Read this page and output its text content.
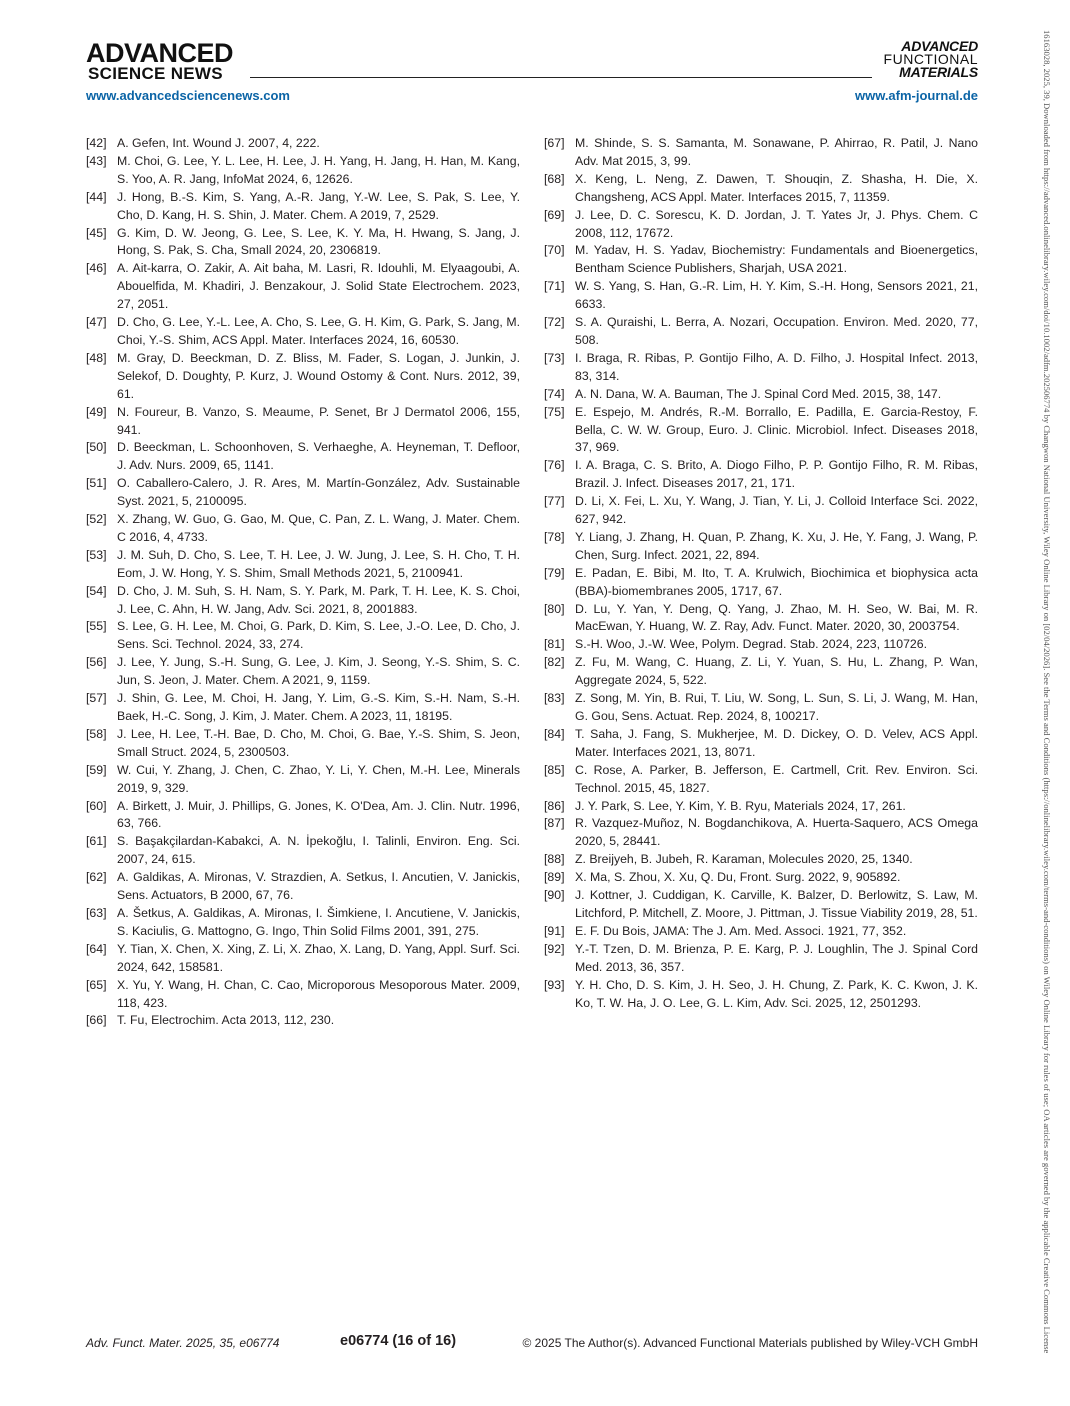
ADVANCED
SCIENCE NEWS
ADVANCED
FUNCTIONAL
MATERIALS
www.advancedsciencenews.com	www.afm-journal.de
[42] A. Gefen, Int. Wound J. 2007, 4, 222.
[43] M. Choi, G. Lee, Y. L. Lee, H. Lee, J. H. Yang, H. Jang, H. Han, M. Kang, S. Yoo, A. R. Jang, InfoMat 2024, 6, 12626.
[44] J. Hong, B.-S. Kim, S. Yang, A.-R. Jang, Y.-W. Lee, S. Pak, S. Lee, Y. Cho, D. Kang, H. S. Shin, J. Mater. Chem. A 2019, 7, 2529.
[45] G. Kim, D. W. Jeong, G. Lee, S. Lee, K. Y. Ma, H. Hwang, S. Jang, J. Hong, S. Pak, S. Cha, Small 2024, 20, 2306819.
[46] A. Ait-karra, O. Zakir, A. Ait baha, M. Lasri, R. Idouhli, M. Elyaagoubi, A. Abouelfida, M. Khadiri, J. Benzakour, J. Solid State Electrochem. 2023, 27, 2051.
[47] D. Cho, G. Lee, Y.-L. Lee, A. Cho, S. Lee, G. H. Kim, G. Park, S. Jang, M. Choi, Y.-S. Shim, ACS Appl. Mater. Interfaces 2024, 16, 60530.
[48] M. Gray, D. Beeckman, D. Z. Bliss, M. Fader, S. Logan, J. Junkin, J. Selekof, D. Doughty, P. Kurz, J. Wound Ostomy & Cont. Nurs. 2012, 39, 61.
[49] N. Foureur, B. Vanzo, S. Meaume, P. Senet, Br J Dermatol 2006, 155, 941.
[50] D. Beeckman, L. Schoonhoven, S. Verhaeghe, A. Heyneman, T. Defloor, J. Adv. Nurs. 2009, 65, 1141.
[51] O. Caballero-Calero, J. R. Ares, M. Martín-González, Adv. Sustainable Syst. 2021, 5, 2100095.
[52] X. Zhang, W. Guo, G. Gao, M. Que, C. Pan, Z. L. Wang, J. Mater. Chem. C 2016, 4, 4733.
[53] J. M. Suh, D. Cho, S. Lee, T. H. Lee, J. W. Jung, J. Lee, S. H. Cho, T. H. Eom, J. W. Hong, Y. S. Shim, Small Methods 2021, 5, 2100941.
[54] D. Cho, J. M. Suh, S. H. Nam, S. Y. Park, M. Park, T. H. Lee, K. S. Choi, J. Lee, C. Ahn, H. W. Jang, Adv. Sci. 2021, 8, 2001883.
[55] S. Lee, G. H. Lee, M. Choi, G. Park, D. Kim, S. Lee, J.-O. Lee, D. Cho, J. Sens. Sci. Technol. 2024, 33, 274.
[56] J. Lee, Y. Jung, S.-H. Sung, G. Lee, J. Kim, J. Seong, Y.-S. Shim, S. C. Jun, S. Jeon, J. Mater. Chem. A 2021, 9, 1159.
[57] J. Shin, G. Lee, M. Choi, H. Jang, Y. Lim, G.-S. Kim, S.-H. Nam, S.-H. Baek, H.-C. Song, J. Kim, J. Mater. Chem. A 2023, 11, 18195.
[58] J. Lee, H. Lee, T.-H. Bae, D. Cho, M. Choi, G. Bae, Y.-S. Shim, S. Jeon, Small Struct. 2024, 5, 2300503.
[59] W. Cui, Y. Zhang, J. Chen, C. Zhao, Y. Li, Y. Chen, M.-H. Lee, Minerals 2019, 9, 329.
[60] A. Birkett, J. Muir, J. Phillips, G. Jones, K. O'Dea, Am. J. Clin. Nutr. 1996, 63, 766.
[61] S. Başakçilardan-Kabakci, A. N. İpekoğlu, I. Talinli, Environ. Eng. Sci. 2007, 24, 615.
[62] A. Galdikas, A. Mironas, V. Strazdien, A. Setkus, I. Ancutien, V. Janickis, Sens. Actuators, B 2000, 67, 76.
[63] A. Šetkus, A. Galdikas, A. Mironas, I. Šimkiene, I. Ancutiene, V. Janickis, S. Kaciulis, G. Mattogno, G. Ingo, Thin Solid Films 2001, 391, 275.
[64] Y. Tian, X. Chen, X. Xing, Z. Li, X. Zhao, X. Lang, D. Yang, Appl. Surf. Sci. 2024, 642, 158581.
[65] X. Yu, Y. Wang, H. Chan, C. Cao, Microporous Mesoporous Mater. 2009, 118, 423.
[66] T. Fu, Electrochim. Acta 2013, 112, 230.
[67] M. Shinde, S. S. Samanta, M. Sonawane, P. Ahirrao, R. Patil, J. Nano Adv. Mat 2015, 3, 99.
[68] X. Keng, L. Neng, Z. Dawen, T. Shouqin, Z. Shasha, H. Die, X. Changsheng, ACS Appl. Mater. Interfaces 2015, 7, 11359.
[69] J. Lee, D. C. Sorescu, K. D. Jordan, J. T. Yates Jr, J. Phys. Chem. C 2008, 112, 17672.
[70] M. Yadav, H. S. Yadav, Biochemistry: Fundamentals and Bioenergetics, Bentham Science Publishers, Sharjah, USA 2021.
[71] W. S. Yang, S. Han, G.-R. Lim, H. Y. Kim, S.-H. Hong, Sensors 2021, 21, 6633.
[72] S. A. Quraishi, L. Berra, A. Nozari, Occupation. Environ. Med. 2020, 77, 508.
[73] I. Braga, R. Ribas, P. Gontijo Filho, A. D. Filho, J. Hospital Infect. 2013, 83, 314.
[74] A. N. Dana, W. A. Bauman, The J. Spinal Cord Med. 2015, 38, 147.
[75] E. Espejo, M. Andrés, R.-M. Borrallo, E. Padilla, E. Garcia-Restoy, F. Bella, C. W. W. Group, Euro. J. Clinic. Microbiol. Infect. Diseases 2018, 37, 969.
[76] I. A. Braga, C. S. Brito, A. Diogo Filho, P. P. Gontijo Filho, R. M. Ribas, Brazil. J. Infect. Diseases 2017, 21, 171.
[77] D. Li, X. Fei, L. Xu, Y. Wang, J. Tian, Y. Li, J. Colloid Interface Sci. 2022, 627, 942.
[78] Y. Liang, J. Zhang, H. Quan, P. Zhang, K. Xu, J. He, Y. Fang, J. Wang, P. Chen, Surg. Infect. 2021, 22, 894.
[79] E. Padan, E. Bibi, M. Ito, T. A. Krulwich, Biochimica et biophysica acta (BBA)-biomembranes 2005, 1717, 67.
[80] D. Lu, Y. Yan, Y. Deng, Q. Yang, J. Zhao, M. H. Seo, W. Bai, M. R. MacEwan, Y. Huang, W. Z. Ray, Adv. Funct. Mater. 2020, 30, 2003754.
[81] S.-H. Woo, J.-W. Wee, Polym. Degrad. Stab. 2024, 223, 110726.
[82] Z. Fu, M. Wang, C. Huang, Z. Li, Y. Yuan, S. Hu, L. Zhang, P. Wan, Aggregate 2024, 5, 522.
[83] Z. Song, M. Yin, B. Rui, T. Liu, W. Song, L. Sun, S. Li, J. Wang, M. Han, G. Gou, Sens. Actuat. Rep. 2024, 8, 100217.
[84] T. Saha, J. Fang, S. Mukherjee, M. D. Dickey, O. D. Velev, ACS Appl. Mater. Interfaces 2021, 13, 8071.
[85] C. Rose, A. Parker, B. Jefferson, E. Cartmell, Crit. Rev. Environ. Sci. Technol. 2015, 45, 1827.
[86] J. Y. Park, S. Lee, Y. Kim, Y. B. Ryu, Materials 2024, 17, 261.
[87] R. Vazquez-Muñoz, N. Bogdanchikova, A. Huerta-Saquero, ACS Omega 2020, 5, 28441.
[88] Z. Breijyeh, B. Jubeh, R. Karaman, Molecules 2020, 25, 1340.
[89] X. Ma, S. Zhou, X. Xu, Q. Du, Front. Surg. 2022, 9, 905892.
[90] J. Kottner, J. Cuddigan, K. Carville, K. Balzer, D. Berlowitz, S. Law, M. Litchford, P. Mitchell, Z. Moore, J. Pittman, J. Tissue Viability 2019, 28, 51.
[91] E. F. Du Bois, JAMA: The J. Am. Med. Associ. 1921, 77, 352.
[92] Y.-T. Tzen, D. M. Brienza, P. E. Karg, P. J. Loughlin, The J. Spinal Cord Med. 2013, 36, 357.
[93] Y. H. Cho, D. S. Kim, J. H. Seo, J. H. Chung, Z. Park, K. C. Kwon, J. K. Ko, T. W. Ha, J. O. Lee, G. L. Kim, Adv. Sci. 2025, 12, 2501293.	16163028, 2025, 39, Downloaded from https://advanced.onlinelibrary.wiley.com/doi/10.1002/adfm.202506774 by Changwon National University, Wiley Online Library on [02/04/2026]. See the Terms and Conditions (https://onlinelibrary.wiley.com/terms-and-conditions) on Wiley Online Library for rules of use; OA articles are governed by the applicable Creative Commons License
Adv. Funct. Mater. 2025, 35, e06774	e06774 (16 of 16)	© 2025 The Author(s). Advanced Functional Materials published by Wiley-VCH GmbH
